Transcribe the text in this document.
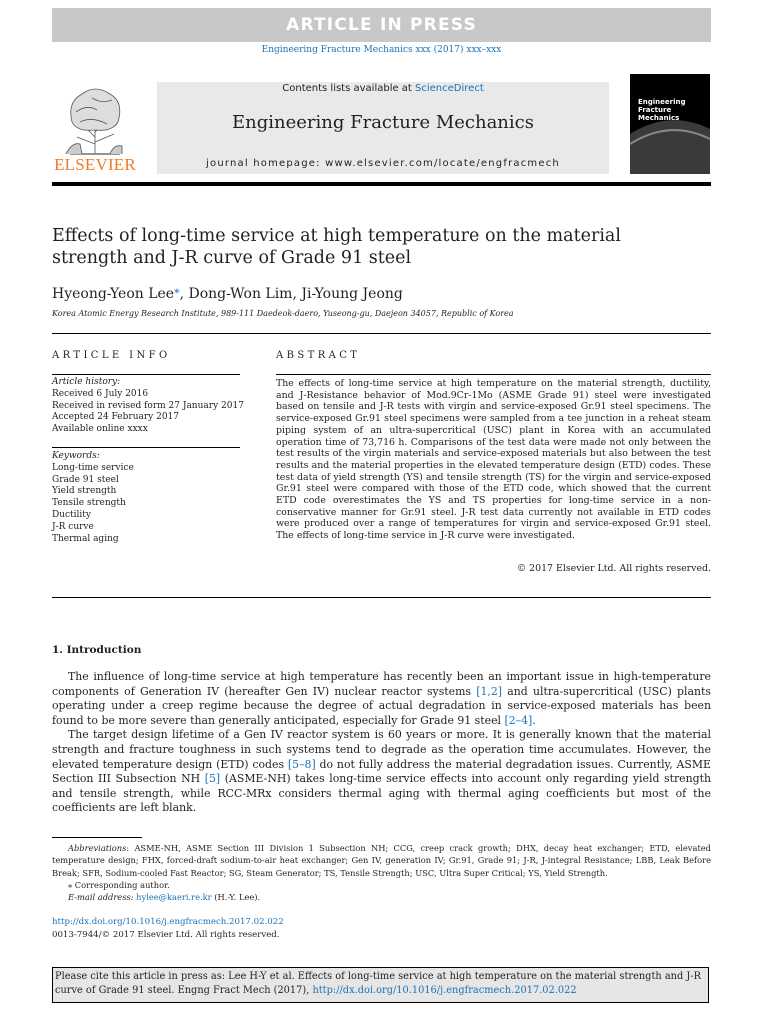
ARTICLE IN PRESS
Engineering Fracture Mechanics xxx (2017) xxx–xxx
ELSEVIER
Contents lists available at ScienceDirect
Engineering Fracture Mechanics
journal homepage: www.elsevier.com/locate/engfracmech
Engineering
Fracture Mechanics
Effects of long-time service at high temperature on the material
strength and J-R curve of Grade 91 steel
Hyeong-Yeon Lee⁎, Dong-Won Lim, Ji-Young Jeong
Korea Atomic Energy Research Institute, 989-111 Daedeok-daero, Yuseong-gu, Daejeon 34057, Republic of Korea
ARTICLE INFO	ABSTRACT
Article history:
Received 6 July 2016
Received in revised form 27 January 2017
Accepted 24 February 2017
Available online xxxx
Keywords:
Long-time service
Grade 91 steel
Yield strength
Tensile strength
Ductility
J-R curve
Thermal aging
The effects of long-time service at high temperature on the material strength, ductility, and J-Resistance behavior of Mod.9Cr-1Mo (ASME Grade 91) steel were investigated based on tensile and J-R tests with virgin and service-exposed Gr.91 steel specimens. The service-exposed Gr.91 steel specimens were sampled from a tee junction in a reheat steam piping system of an ultra-supercritical (USC) plant in Korea with an accumulated operation time of 73,716 h. Comparisons of the test data were made not only between the test results of the virgin materials and service-exposed materials but also between the test results and the material properties in the elevated temperature design (ETD) codes. These test data of yield strength (YS) and tensile strength (TS) for the virgin and service-exposed Gr.91 steel were compared with those of the ETD code, which showed that the current ETD code overestimates the YS and TS properties for long-time service in a non-conservative manner for Gr.91 steel. J-R test data currently not available in ETD codes were produced over a range of temperatures for virgin and service-exposed Gr.91 steel. The effects of long-time service in J-R curve were investigated.
© 2017 Elsevier Ltd. All rights reserved.
1. Introduction

The influence of long-time service at high temperature has recently been an important issue in high-temperature components of Generation IV (hereafter Gen IV) nuclear reactor systems [1,2] and ultra-supercritical (USC) plants operating under a creep regime because the degree of actual degradation in service-exposed materials has been found to be more severe than generally anticipated, especially for Grade 91 steel [2–4].

The target design lifetime of a Gen IV reactor system is 60 years or more. It is generally known that the material strength and fracture toughness in such systems tend to degrade as the operation time accumulates. However, the elevated temperature design (ETD) codes [5–8] do not fully address the material degradation issues. Currently, ASME Section III Subsection NH [5] (ASME-NH) takes long-time service effects into account only regarding yield strength and tensile strength, while RCC-MRx considers thermal aging with thermal aging coefficients but most of the coefficients are left blank.

Abbreviations: ASME-NH, ASME Section III Division 1 Subsection NH; CCG, creep crack growth; DHX, decay heat exchanger; ETD, elevated temperature design; FHX, forced-draft sodium-to-air heat exchanger; Gen IV, generation IV; Gr.91, Grade 91; J-R, J-integral Resistance; LBB, Leak Before Break; SFR, Sodium-cooled Fast Reactor; SG, Steam Generator; TS, Tensile Strength; USC, Ultra Super Critical; YS, Yield Strength.

⁎ Corresponding author.

E-mail address: hylee@kaeri.re.kr (H.-Y. Lee).

http://dx.doi.org/10.1016/j.engfracmech.2017.02.022
0013-7944/© 2017 Elsevier Ltd. All rights reserved.
Please cite this article in press as: Lee H-Y et al. Effects of long-time service at high temperature on the material strength and J-R curve of Grade 91 steel. Engng Fract Mech (2017), http://dx.doi.org/10.1016/j.engfracmech.2017.02.022
